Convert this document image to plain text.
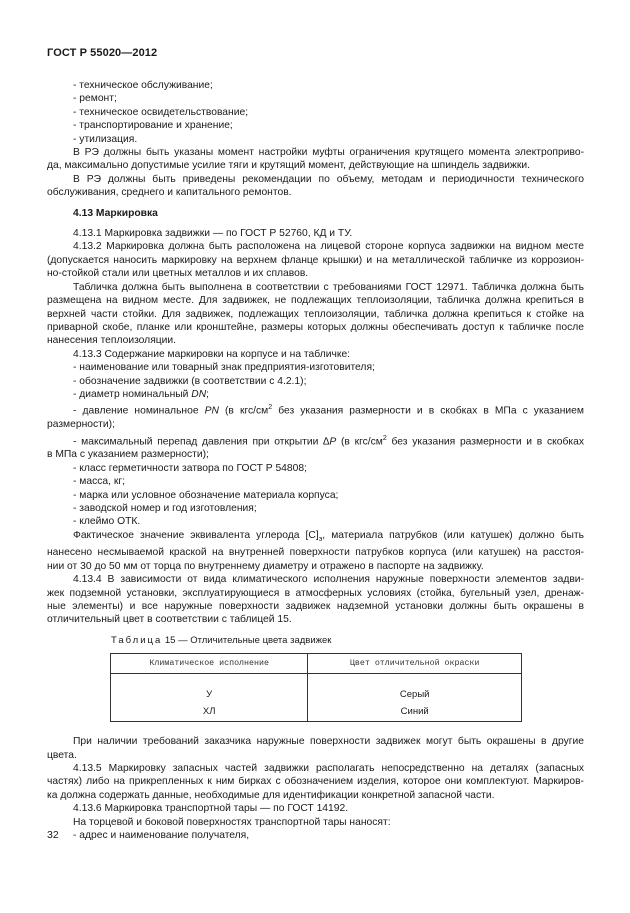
ГОСТ Р 55020—2012

- техническое обслуживание;

- ремонт;

- техническое освидетельствование;

- транспортирование и хранение;

- утилизация.

В РЭ должны быть указаны момент настройки муфты ограничения крутящего момента электроприво-

да, максимально допустимые усилие тяги и крутящий момент, действующие на шпиндель задвижки.

В РЭ должны быть приведены рекомендации по объему, методам и периодичности технического

обслуживания, среднего и капитального ремонтов.

4.13 Маркировка

4.13.1 Маркировка задвижки — по ГОСТ Р 52760, КД и ТУ.

4.13.2 Маркировка должна быть расположена на лицевой стороне корпуса задвижки на видном месте

(допускается наносить маркировку на верхнем фланце крышки) и на металлической табличке из коррозион-

но-стойкой стали или цветных металлов и их сплавов.

Табличка должна быть выполнена в соответствии с требованиями ГОСТ 12971. Табличка должна быть

размещена на видном месте. Для задвижек, не подлежащих теплоизоляции, табличка должна крепиться в

верхней части стойки. Для задвижек, подлежащих теплоизоляции, табличка должна крепиться к стойке на

приварной скобе, планке или кронштейне, размеры которых должны обеспечивать доступ к табличке после

нанесения теплоизоляции.

4.13.3 Содержание маркировки на корпусе и на табличке:

- наименование или товарный знак предприятия-изготовителя;

- обозначение задвижки (в соответствии с 4.2.1);

- диаметр номинальный DN;

- давление номинальное PN (в кгс/$см^2$ без указания размерности и в скобках в МПа с указанием

размерности);

- максимальный перепад давления при открытии ∆P (в кгс/$см^2$ без указания размерности и в скобках

в МПа с указанием размерности);

- класс герметичности затвора по ГОСТ Р 54808;

- масса, кг;

- марка или условное обозначение материала корпуса;

- заводской номер и год изготовления;

- клеймо ОТК.

Фактическое значение эквивалента углерода $[C]_э$, материала патрубков (или катушек) должно быть

нанесено несмываемой краской на внутренней поверхности патрубков корпуса (или катушек) на расстоя-

нии от 30 до 50 мм от торца по внутреннему диаметру и отражено в паспорте на задвижку.

4.13.4 В зависимости от вида климатического исполнения наружные поверхности элементов задви-

жек подземной установки, эксплуатирующиеся в атмосферных условиях (стойка, бугельный узел, дренаж-

ные элементы) и все наружные поверхности задвижек надземной установки должны быть окрашены в

отличительный цвет в соответствии с таблицей 15.

Таблица 15 — Отличительные цвета задвижек
Климатическое исполнение	Цвет отличительной окраски
У	Серый
ХЛ	Синий

При наличии требований заказчика наружные поверхности задвижек могут быть окрашены в другие

цвета.

4.13.5 Маркировку запасных частей задвижки располагать непосредственно на деталях (запасных

частях) либо на прикрепленных к ним бирках с обозначением изделия, которое они комплектуют. Маркиров-

ка должна содержать данные, необходимые для идентификации конкретной запасной части.

4.13.6 Маркировка транспортной тары — по ГОСТ 14192.

На торцевой и боковой поверхностях транспортной тары наносят:

- адрес и наименование получателя,

32
